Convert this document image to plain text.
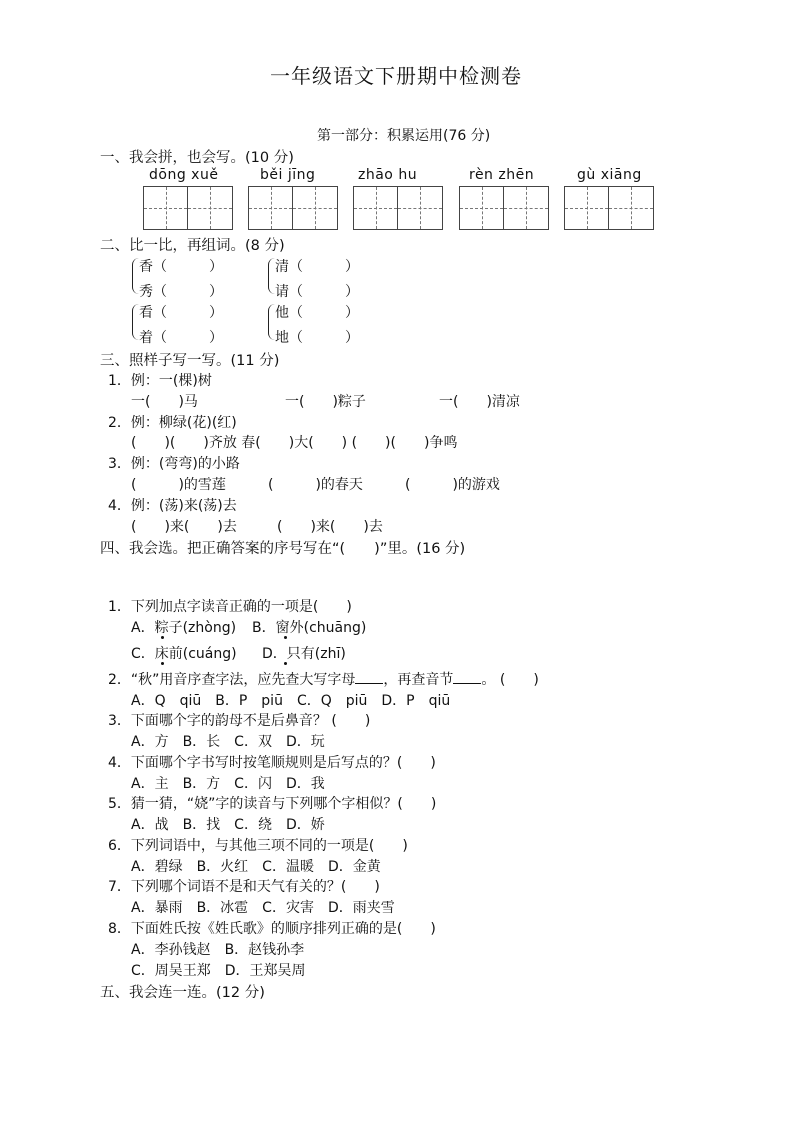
一年级语文下册期中检测卷
第一部分：积累运用(76 分)
一、我会拼，也会写。(10 分)
dōng xuě	běi jīng	zhāo hu	rèn zhēn	gù xiāng
二、比一比，再组词。(8 分)
香（　　　）
秀（　　　）
清（　　　）
请（　　　）
看（　　　）
着（　　　）
他（　　　）
地（　　　）
三、照样子写一写。(11 分)
1．例：一(棵)树
一(　　)马	一(　　)粽子	一(　　)清凉
2．例：柳绿(花)(红)
(　　)(　　)齐放 春(　　)大(　　) (　　)(　　)争鸣
3．例：(弯弯)的小路
(　　　)的雪莲	(　　　)的春天	(　　　)的游戏
4．例：(荡)来(荡)去
(　　)来(　　)去	(　　)来(　　)去
四、我会选。把正确答案的序号写在“(　　)”里。(16 分)
1．下列加点字读音正确的一项是(　　)
A．粽子(zhòng) B．窗外(chuāng)
C．床前(cuáng) D．只有(zhī)
2．“秋”用音序查字法，应先查大写字母 ，再查音节 。 (　　)
A．Q　qiū　B．P　piū　C．Q　piū　D．P　qiū
3．下面哪个字的韵母不是后鼻音？ (　　)
A．方　B．长　C．双　D．玩
4．下面哪个字书写时按笔顺规则是后写点的？(　　)
A．主　B．方　C．闪　D．我
5．猜一猜，“娆”字的读音与下列哪个字相似？(　　)
A．战　B．找　C．绕　D．娇
6．下列词语中，与其他三项不同的一项是(　　)
A．碧绿　B．火红　C．温暖　D．金黄
7．下列哪个词语不是和天气有关的？(　　)
A．暴雨　B．冰雹　C．灾害　D．雨夹雪
8．下面姓氏按《姓氏歌》的顺序排列正确的是(　　)
A．李孙钱赵　B．赵钱孙李
C．周吴王郑　D．王郑吴周
五、我会连一连。(12 分)
